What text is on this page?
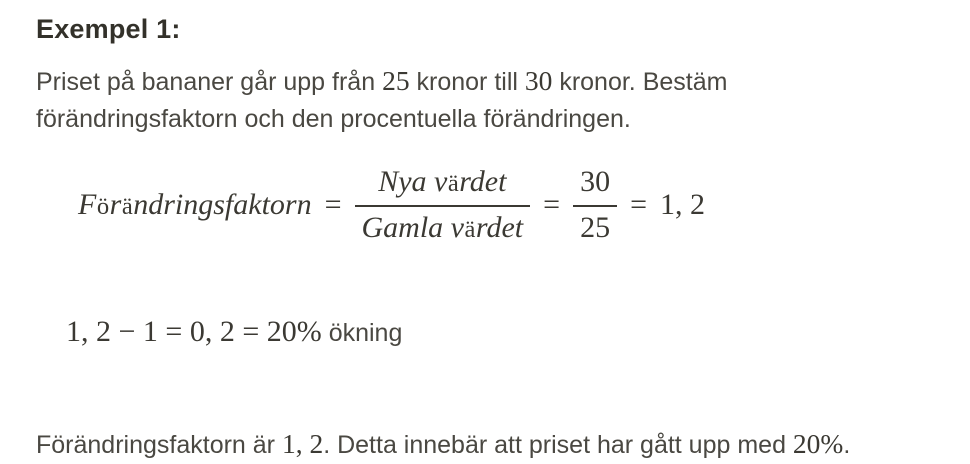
Exempel 1:

Priset på bananer går upp från 25 kronor till 30 kronor. Bestäm
förändringsfaktorn och den procentuella förändringen.

Förändringsfaktorn = $\frac{\text{Nya värdet}}{\text{Gamla värdet}} = \frac{30}{25} = 1$, 2

1, 2 − 1 = 0, 2 = 20% ökning

Förändringsfaktorn är 1, 2. Detta innebär att priset har gått upp med 20%.
